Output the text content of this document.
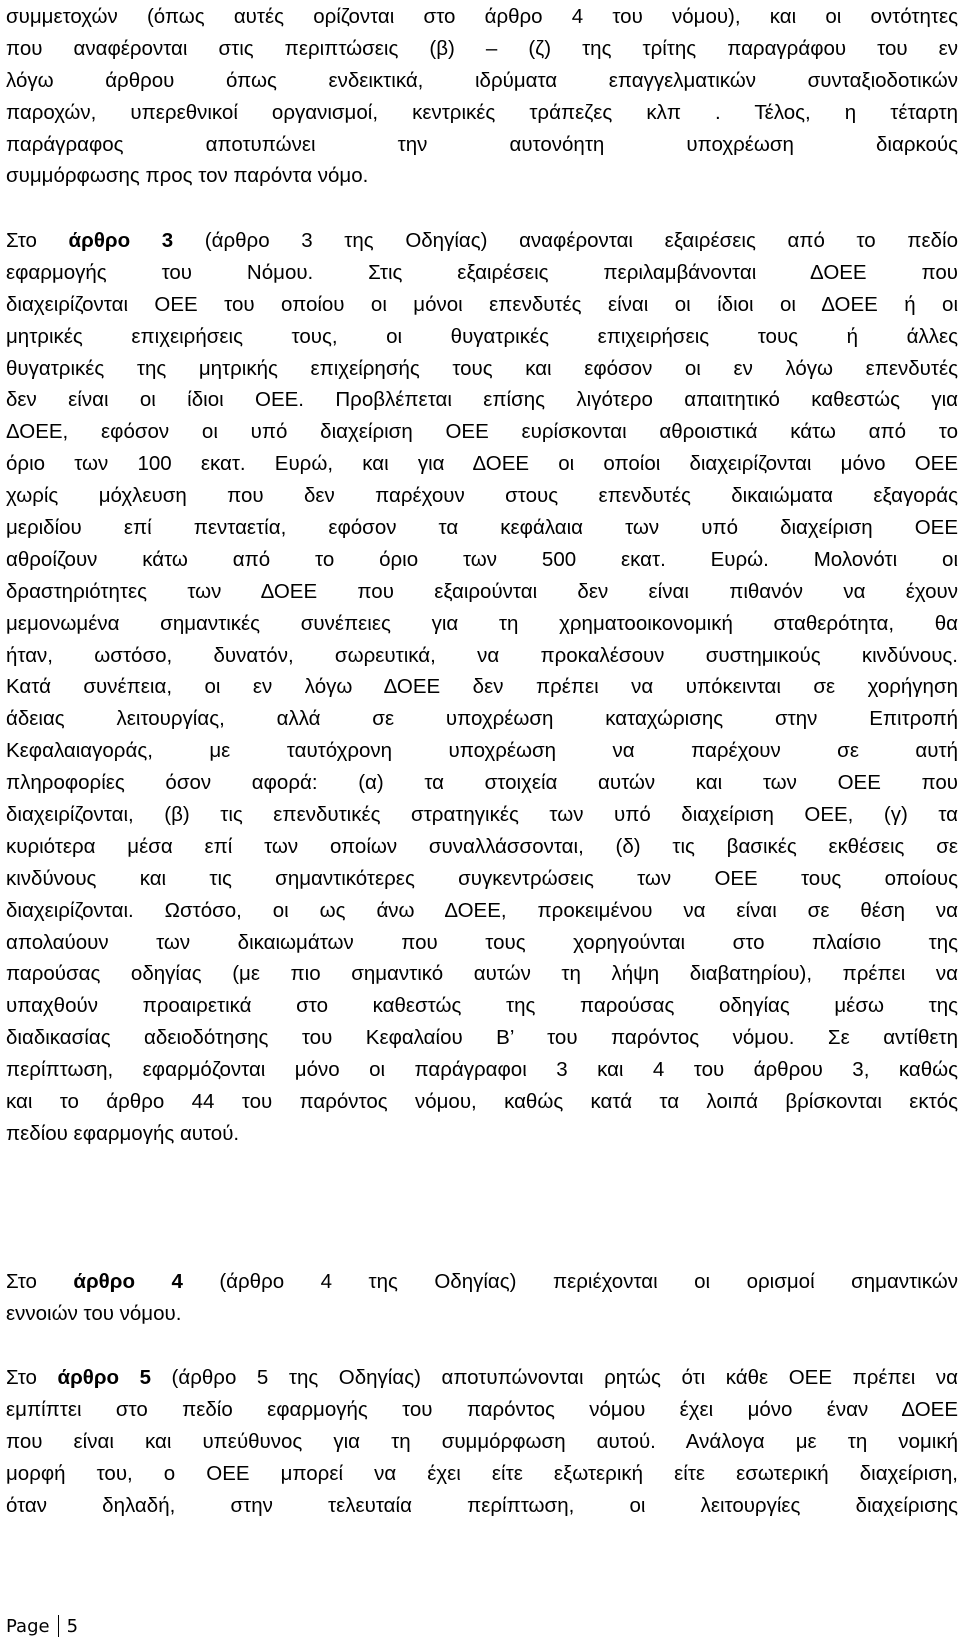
συμμετοχών (όπως αυτές ορίζονται στο άρθρο 4 του νόμου), και οι οντότητες
που αναφέρονται στις περιπτώσεις (β) – (ζ) της τρίτης παραγράφου του εν
λόγω άρθρου όπως ενδεικτικά, ιδρύματα επαγγελματικών συνταξιοδοτικών
παροχών, υπερεθνικοί οργανισμοί, κεντρικές τράπεζες κλπ . Τέλος, η τέταρτη
παράγραφος αποτυπώνει την αυτονόητη υποχρέωση διαρκούς
συμμόρφωσης προς τον παρόντα νόμο.
Στο άρθρο 3 (άρθρο 3 της Οδηγίας) αναφέρονται εξαιρέσεις από το πεδίο
εφαρμογής του Νόμου. Στις εξαιρέσεις περιλαμβάνονται ΔΟΕΕ που
διαχειρίζονται ΟΕΕ του οποίου οι μόνοι επενδυτές είναι οι ίδιοι οι ΔΟΕΕ ή οι
μητρικές επιχειρήσεις τους, οι θυγατρικές επιχειρήσεις τους ή άλλες
θυγατρικές της μητρικής επιχείρησής τους και εφόσον οι εν λόγω επενδυτές
δεν είναι οι ίδιοι ΟΕΕ. Προβλέπεται επίσης λιγότερο απαιτητικό καθεστώς για
ΔΟΕΕ, εφόσον οι υπό διαχείριση ΟΕΕ ευρίσκονται αθροιστικά κάτω από το
όριο των 100 εκατ. Ευρώ, και για ΔΟΕΕ οι οποίοι διαχειρίζονται μόνο ΟΕΕ
χωρίς μόχλευση που δεν παρέχουν στους επενδυτές δικαιώματα εξαγοράς
μεριδίου επί πενταετία, εφόσον τα κεφάλαια των υπό διαχείριση ΟΕΕ
αθροίζουν κάτω από το όριο των 500 εκατ. Ευρώ. Μολονότι οι
δραστηριότητες των ΔΟΕΕ που εξαιρούνται δεν είναι πιθανόν να έχουν
μεμονωμένα σημαντικές συνέπειες για τη χρηματοοικονομική σταθερότητα, θα
ήταν, ωστόσο, δυνατόν, σωρευτικά, να προκαλέσουν συστημικούς κινδύνους.
Κατά συνέπεια, οι εν λόγω ΔΟΕΕ δεν πρέπει να υπόκεινται σε χορήγηση
άδειας λειτουργίας, αλλά σε υποχρέωση καταχώρισης στην Επιτροπή
Κεφαλαιαγοράς, με ταυτόχρονη υποχρέωση να παρέχουν σε αυτή
πληροφορίες όσον αφορά: (α) τα στοιχεία αυτών και των ΟΕΕ που
διαχειρίζονται, (β) τις επενδυτικές στρατηγικές των υπό διαχείριση ΟΕΕ, (γ) τα
κυριότερα μέσα επί των οποίων συναλλάσσονται, (δ) τις βασικές εκθέσεις σε
κινδύνους και τις σημαντικότερες συγκεντρώσεις των ΟΕΕ τους οποίους
διαχειρίζονται. Ωστόσο, οι ως άνω ΔΟΕΕ, προκειμένου να είναι σε θέση να
απολαύουν των δικαιωμάτων που τους χορηγούνται στο πλαίσιο της
παρούσας οδηγίας (με πιο σημαντικό αυτών τη λήψη διαβατηρίου), πρέπει να
υπαχθούν προαιρετικά στο καθεστώς της παρούσας οδηγίας μέσω της
διαδικασίας αδειοδότησης του Κεφαλαίου Β’ του παρόντος νόμου. Σε αντίθετη
περίπτωση, εφαρμόζονται μόνο οι παράγραφοι 3 και 4 του άρθρου 3, καθώς
και το άρθρο 44 του παρόντος νόμου, καθώς κατά τα λοιπά βρίσκονται εκτός
πεδίου εφαρμογής αυτού.
Στο άρθρο 4 (άρθρο 4 της Οδηγίας) περιέχονται οι ορισμοί σημαντικών
εννοιών του νόμου.
Στο άρθρο 5 (άρθρο 5 της Οδηγίας) αποτυπώνονται ρητώς ότι κάθε ΟΕΕ πρέπει να
εμπίπτει στο πεδίο εφαρμογής του παρόντος νόμου έχει μόνο έναν ΔΟΕΕ
που είναι και υπεύθυνος για τη συμμόρφωση αυτού. Ανάλογα με τη νομική
μορφή του, ο ΟΕΕ μπορεί να έχει είτε εξωτερική είτε εσωτερική διαχείριση,
όταν δηλαδή, στην τελευταία περίπτωση, οι λειτουργίες διαχείρισης
Page 5
